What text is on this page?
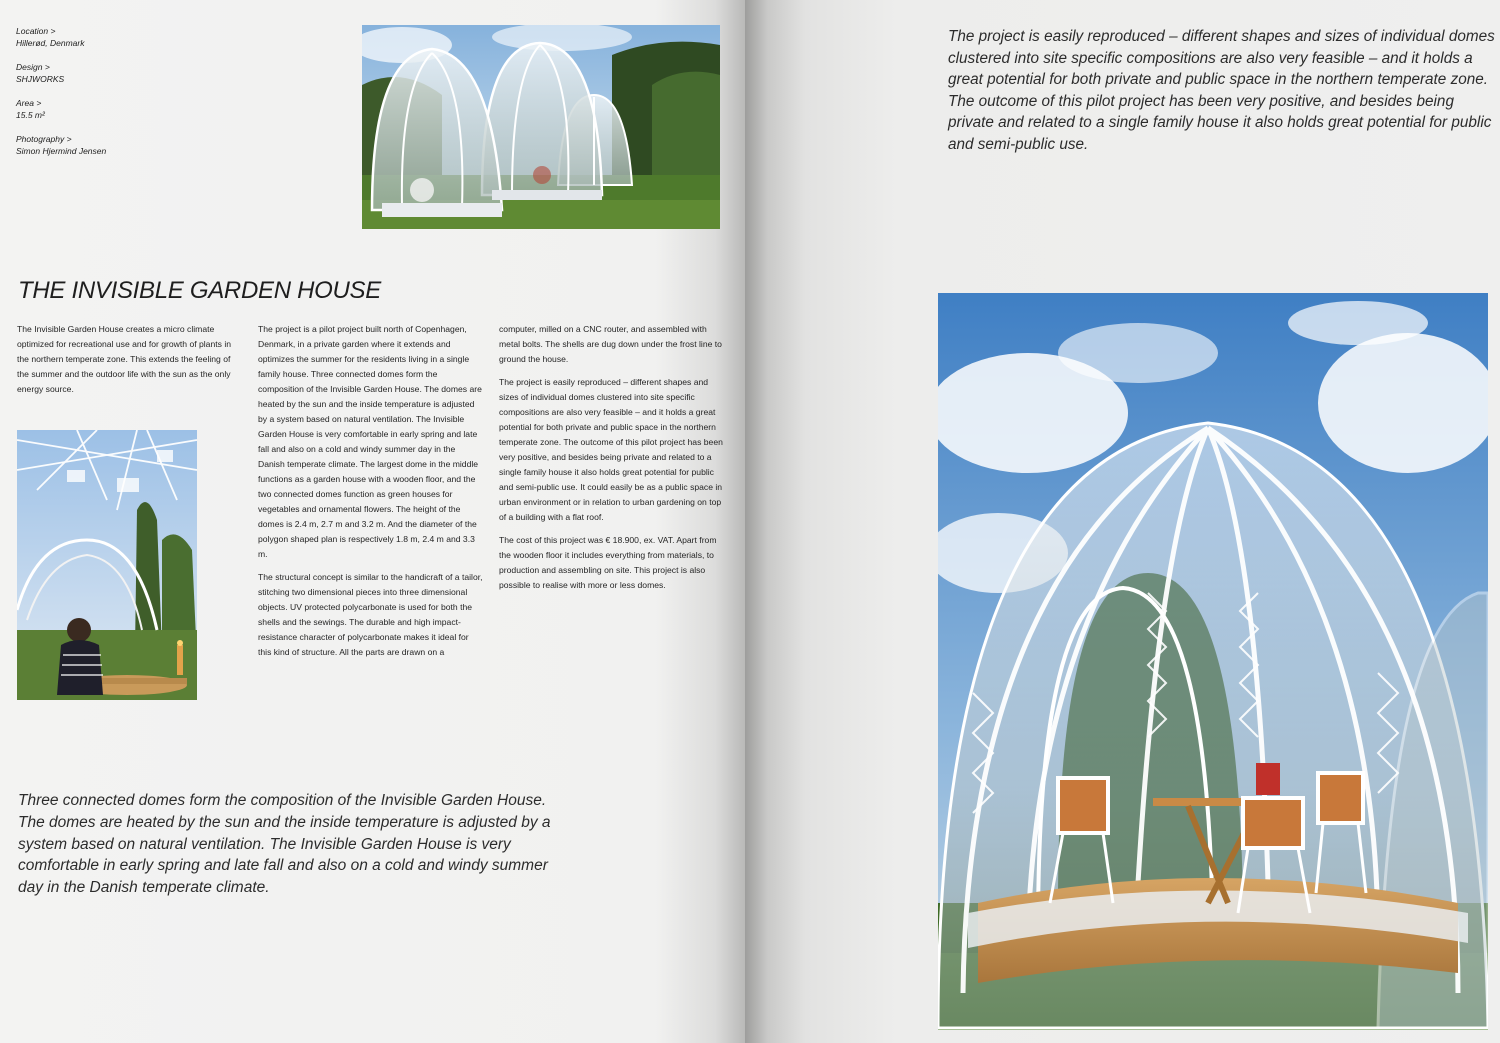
Location >
Hillerød, Denmark
Design >
SHJWORKS
Area >
15.5 m²
Photography >
Simon Hjermind Jensen
THE INVISIBLE GARDEN HOUSE

The Invisible Garden House creates a micro climate optimized for recreational use and for growth of plants in the northern temperate zone. This extends the feeling of the summer and the outdoor life with the sun as the only energy source.

The project is a pilot project built north of Copenhagen, Denmark, in a private garden where it extends and optimizes the summer for the residents living in a single family house. Three connected domes form the composition of the Invisible Garden House. The domes are heated by the sun and the inside temperature is adjusted by a system based on natural ventilation. The Invisible Garden House is very comfortable in early spring and late fall and also on a cold and windy summer day in the Danish temperate climate. The largest dome in the middle functions as a garden house with a wooden floor, and the two connected domes function as green houses for vegetables and ornamental flowers. The height of the domes is 2.4 m, 2.7 m and 3.2 m. And the diameter of the polygon shaped plan is respectively 1.8 m, 2.4 m and 3.3 m.

The structural concept is similar to the handicraft of a tailor, stitching two dimensional pieces into three dimensional objects. UV protected polycarbonate is used for both the shells and the sewings. The durable and high impact-resistance character of polycarbonate makes it ideal for this kind of structure. All the parts are drawn on a

computer, milled on a CNC router, and assembled with metal bolts. The shells are dug down under the frost line to ground the house.

The project is easily reproduced – different shapes and sizes of individual domes clustered into site specific compositions are also very feasible – and it holds a great potential for both private and public space in the northern temperate zone. The outcome of this pilot project has been very positive, and besides being private and related to a single family house it also holds great potential for public and semi-public use. It could easily be as a public space in urban environment or in relation to urban gardening on top of a building with a flat roof.

The cost of this project was € 18.900, ex. VAT. Apart from the wooden floor it includes everything from materials, to production and assembling on site. This project is also possible to realise with more or less domes.

Three connected domes form the composition of the Invisible Garden House. The domes are heated by the sun and the inside temperature is adjusted by a system based on natural ventilation. The Invisible Garden House is very comfortable in early spring and late fall and also on a cold and windy summer day in the Danish temperate climate.
The project is easily reproduced – different shapes and sizes of individual domes clustered into site specific compositions are also very feasible – and it holds a great potential for both private and public space in the northern temperate zone. The outcome of this pilot project has been very positive, and besides being private and related to a single family house it also holds great potential for public and semi-public use.
